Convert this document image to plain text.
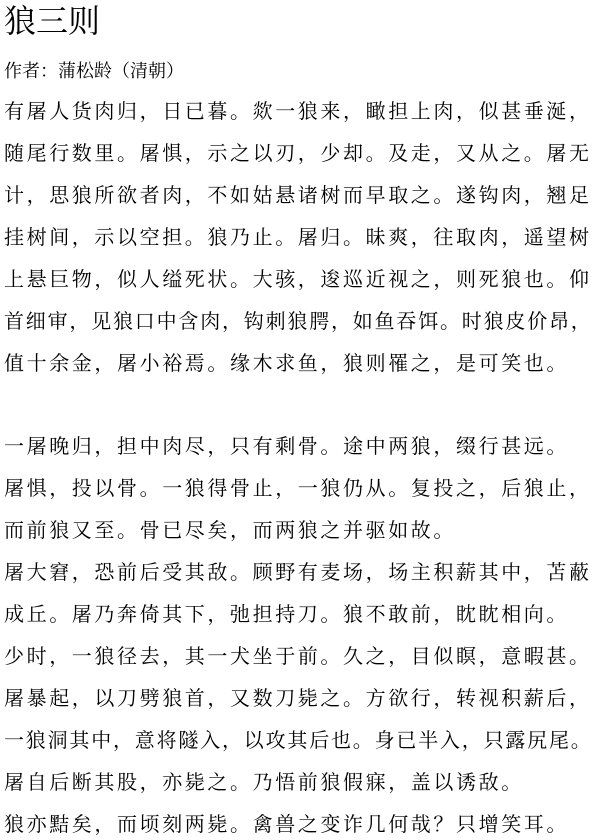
狼三则
作者：蒲松龄（清朝）
有屠人货肉归，日已暮。欻一狼来，瞰担上肉，似甚垂涎，
随尾行数里。屠惧，示之以刃，少却。及走，又从之。屠无
计，思狼所欲者肉，不如姑悬诸树而早取之。遂钩肉，翘足
挂树间，示以空担。狼乃止。屠归。昧爽，往取肉，遥望树
上悬巨物，似人缢死状。大骇，逡巡近视之，则死狼也。仰
首细审，见狼口中含肉，钩刺狼腭，如鱼吞饵。时狼皮价昂，
值十余金，屠小裕焉。缘木求鱼，狼则罹之，是可笑也。
一屠晚归，担中肉尽，只有剩骨。途中两狼，缀行甚远。
屠惧，投以骨。一狼得骨止，一狼仍从。复投之，后狼止，
而前狼又至。骨已尽矣，而两狼之并驱如故。
屠大窘，恐前后受其敌。顾野有麦场，场主积薪其中，苫蔽
成丘。屠乃奔倚其下，弛担持刀。狼不敢前，眈眈相向。
少时，一狼径去，其一犬坐于前。久之，目似瞑，意暇甚。
屠暴起，以刀劈狼首，又数刀毙之。方欲行，转视积薪后，
一狼洞其中，意将隧入，以攻其后也。身已半入，只露尻尾。
屠自后断其股，亦毙之。乃悟前狼假寐，盖以诱敌。
狼亦黠矣，而顷刻两毙。禽兽之变诈几何哉？只增笑耳。
